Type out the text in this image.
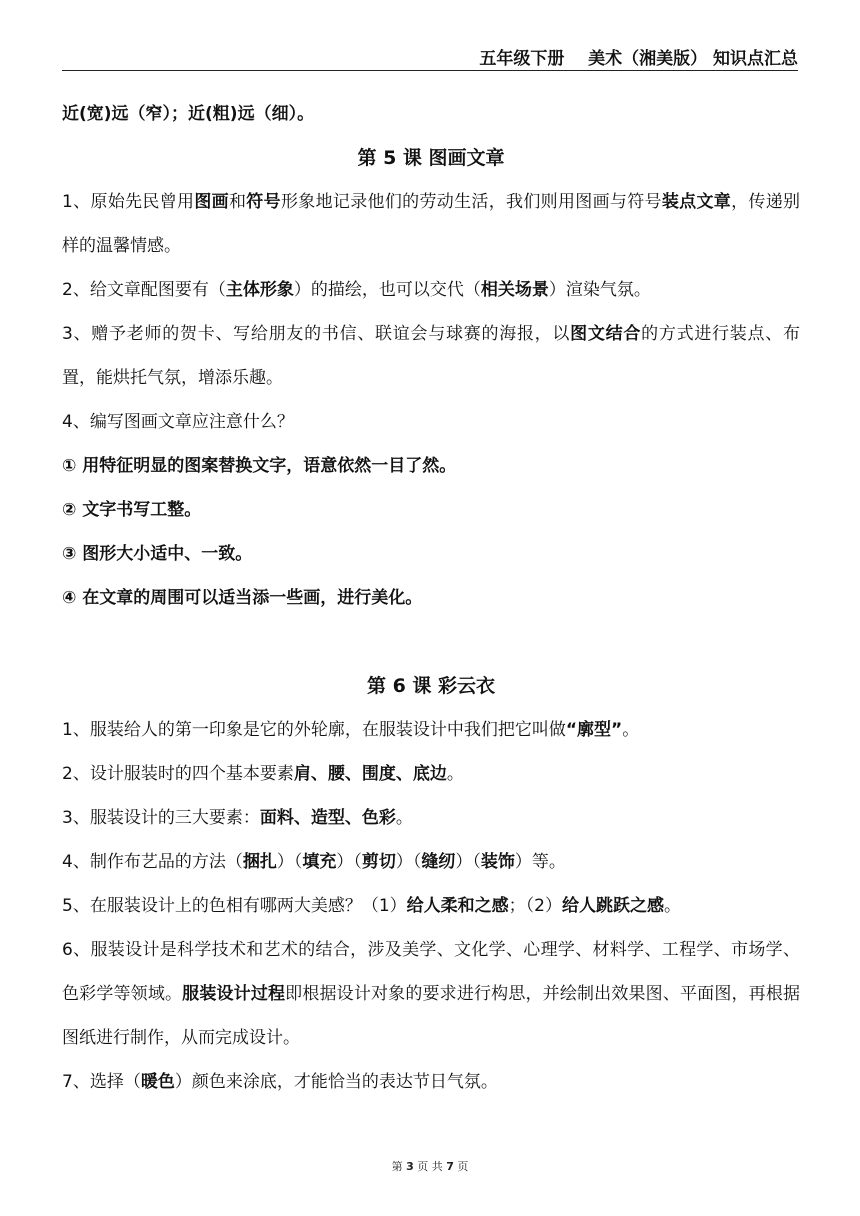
五年级下册    美术（湘美版） 知识点汇总

近(宽)远（窄）；近(粗)远（细）。

第 5 课 图画文章

1、原始先民曾用图画和符号形象地记录他们的劳动生活，我们则用图画与符号装点文章，传递别样的温馨情感。

2、给文章配图要有（主体形象）的描绘，也可以交代（相关场景）渲染气氛。

3、赠予老师的贺卡、写给朋友的书信、联谊会与球赛的海报，以图文结合的方式进行装点、布置，能烘托气氛，增添乐趣。

4、编写图画文章应注意什么？

① 用特征明显的图案替换文字，语意依然一目了然。

② 文字书写工整。

③ 图形大小适中、一致。

④ 在文章的周围可以适当添一些画，进行美化。

第 6 课 彩云衣

1、服装给人的第一印象是它的外轮廓，在服装设计中我们把它叫做“廓型”。

2、设计服装时的四个基本要素肩、腰、围度、底边。

3、服装设计的三大要素：面料、造型、色彩。

4、制作布艺品的方法（捆扎）（填充）（剪切）（缝纫）（装饰）等。

5、在服装设计上的色相有哪两大美感？（1）给人柔和之感；（2）给人跳跃之感。

6、服装设计是科学技术和艺术的结合，涉及美学、文化学、心理学、材料学、工程学、市场学、色彩学等领域。服装设计过程即根据设计对象的要求进行构思，并绘制出效果图、平面图，再根据图纸进行制作，从而完成设计。

7、选择（暖色）颜色来涂底，才能恰当的表达节日气氛。

第 3 页 共 7 页
